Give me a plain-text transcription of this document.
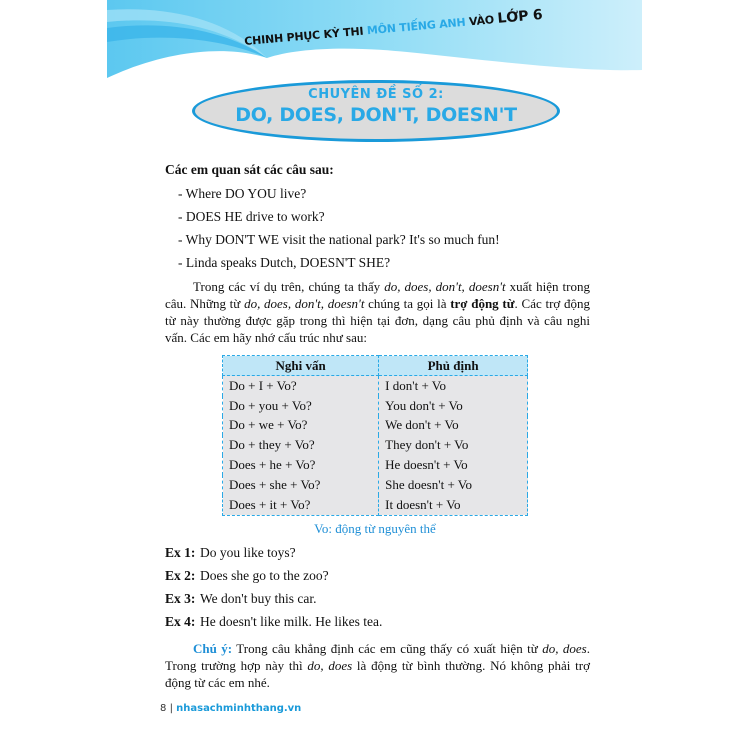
CHINH PHỤC KỲ THI MÔN TIẾNG ANH VÀO LỚP 6
CHUYÊN ĐỀ SỐ 2:
DO, DOES, DON'T, DOESN'T
Các em quan sát các câu sau:
- Where DO YOU live?
- DOES HE drive to work?
- Why DON'T WE visit the national park? It's so much fun!
- Linda speaks Dutch, DOESN'T SHE?
Trong các ví dụ trên, chúng ta thấy do, does, don't, doesn't xuất hiện trong câu. Những từ do, does, don't, doesn't chúng ta gọi là trợ động từ. Các trợ động từ này thường được gặp trong thì hiện tại đơn, dạng câu phủ định và câu nghi vấn. Các em hãy nhớ cấu trúc như sau:
Nghi vấn	Phủ định
Do + I + Vo?	I don't + Vo
Do + you + Vo?	You don't + Vo
Do + we + Vo?	We don't + Vo
Do + they + Vo?	They don't + Vo
Does + he + Vo?	He doesn't + Vo
Does + she + Vo?	She doesn't + Vo
Does + it + Vo?	It doesn't + Vo
Vo: động từ nguyên thể
Ex 1: Do you like toys?
Ex 2: Does she go to the zoo?
Ex 3: We don't buy this car.
Ex 4: He doesn't like milk. He likes tea.
Chú ý: Trong câu khẳng định các em cũng thấy có xuất hiện từ do, does. Trong trường hợp này thì do, does là động từ bình thường. Nó không phải trợ động từ các em nhé.
8 | nhasachminhthang.vn
